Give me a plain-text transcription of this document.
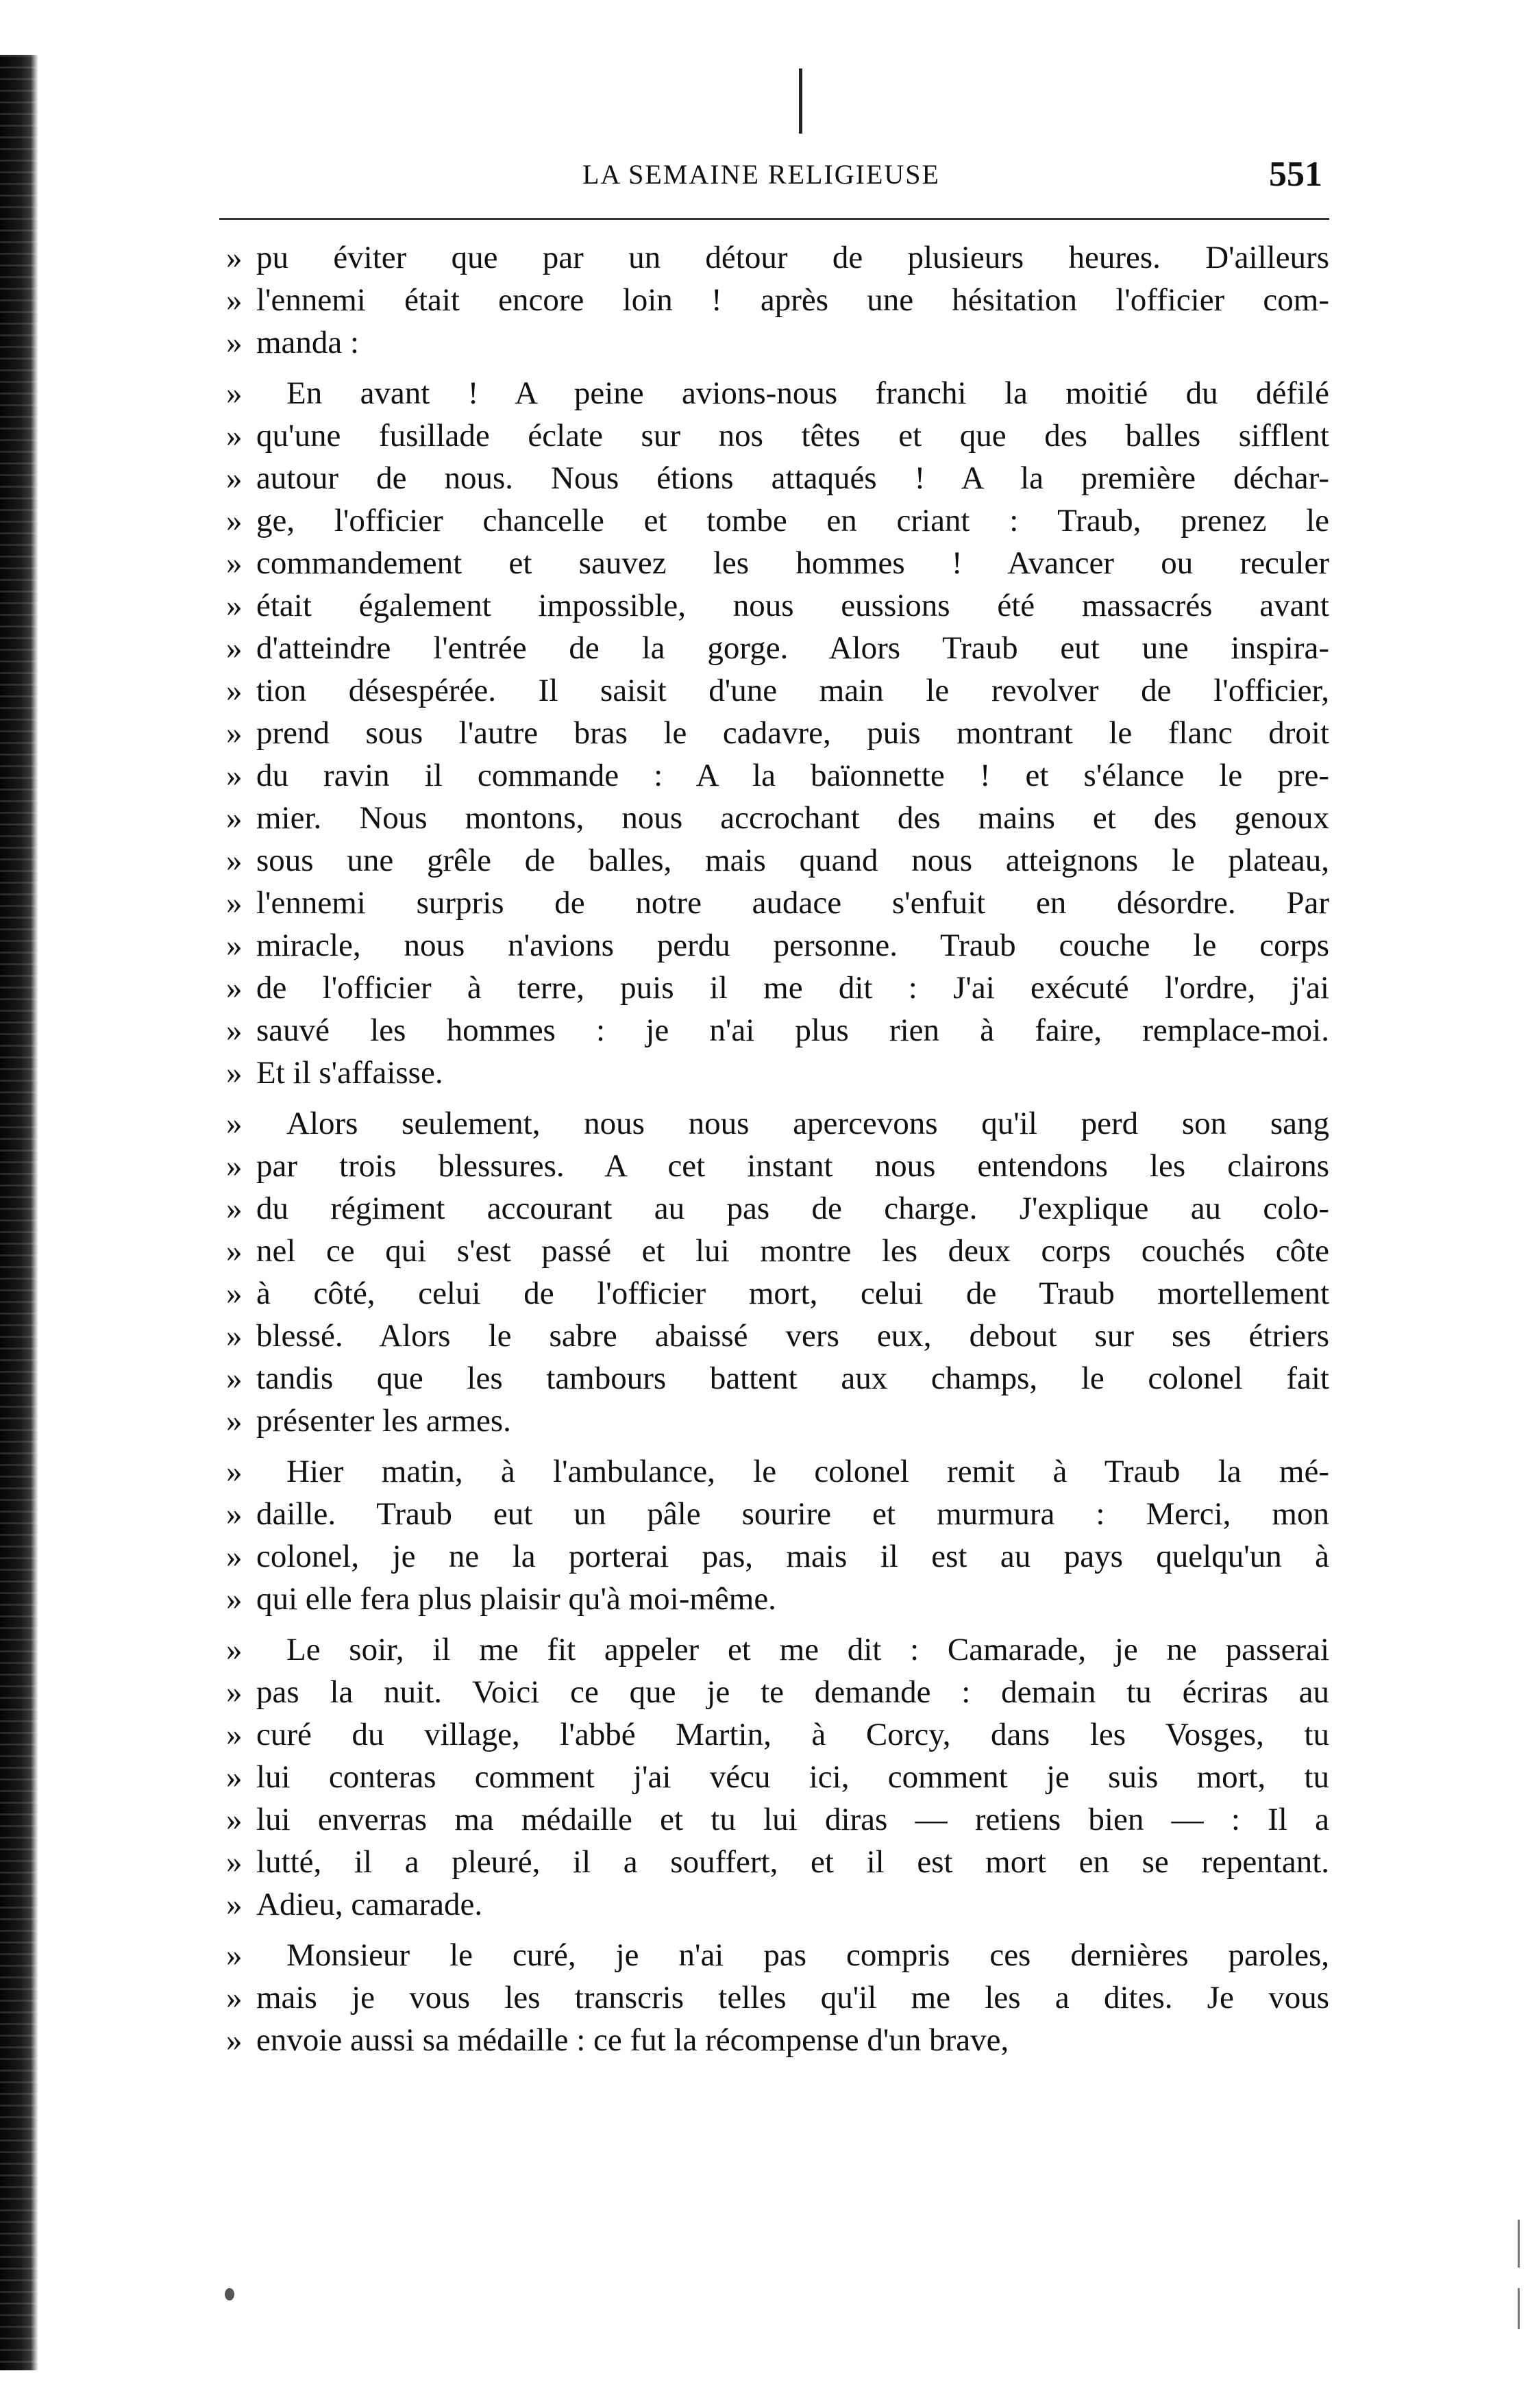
LA SEMAINE RELIGIEUSE	551
» pu éviter que par un détour de plusieurs heures. D'ailleurs
» l'ennemi était encore loin ! après une hésitation l'officier com-
» manda :
» En avant ! A peine avions-nous franchi la moitié du défilé
» qu'une fusillade éclate sur nos têtes et que des balles sifflent
» autour de nous. Nous étions attaqués ! A la première déchar-
» ge, l'officier chancelle et tombe en criant : Traub, prenez le
» commandement et sauvez les hommes ! Avancer ou reculer
» était également impossible, nous eussions été massacrés avant
» d'atteindre l'entrée de la gorge. Alors Traub eut une inspira-
» tion désespérée. Il saisit d'une main le revolver de l'officier,
» prend sous l'autre bras le cadavre, puis montrant le flanc droit
» du ravin il commande : A la baïonnette ! et s'élance le pre-
» mier. Nous montons, nous accrochant des mains et des genoux
» sous une grêle de balles, mais quand nous atteignons le plateau,
» l'ennemi surpris de notre audace s'enfuit en désordre. Par
» miracle, nous n'avions perdu personne. Traub couche le corps
» de l'officier à terre, puis il me dit : J'ai exécuté l'ordre, j'ai
» sauvé les hommes : je n'ai plus rien à faire, remplace-moi.
» Et il s'affaisse.
» Alors seulement, nous nous apercevons qu'il perd son sang
» par trois blessures. A cet instant nous entendons les clairons
» du régiment accourant au pas de charge. J'explique au colo-
» nel ce qui s'est passé et lui montre les deux corps couchés côte
» à côté, celui de l'officier mort, celui de Traub mortellement
» blessé. Alors le sabre abaissé vers eux, debout sur ses étriers
» tandis que les tambours battent aux champs, le colonel fait
» présenter les armes.
» Hier matin, à l'ambulance, le colonel remit à Traub la mé-
» daille. Traub eut un pâle sourire et murmura : Merci, mon
» colonel, je ne la porterai pas, mais il est au pays quelqu'un à
» qui elle fera plus plaisir qu'à moi-même.
» Le soir, il me fit appeler et me dit : Camarade, je ne passerai
» pas la nuit. Voici ce que je te demande : demain tu écriras au
» curé du village, l'abbé Martin, à Corcy, dans les Vosges, tu
» lui conteras comment j'ai vécu ici, comment je suis mort, tu
» lui enverras ma médaille et tu lui diras — retiens bien — : Il a
» lutté, il a pleuré, il a souffert, et il est mort en se repentant.
» Adieu, camarade.
» Monsieur le curé, je n'ai pas compris ces dernières paroles,
» mais je vous les transcris telles qu'il me les a dites. Je vous
» envoie aussi sa médaille : ce fut la récompense d'un brave,
